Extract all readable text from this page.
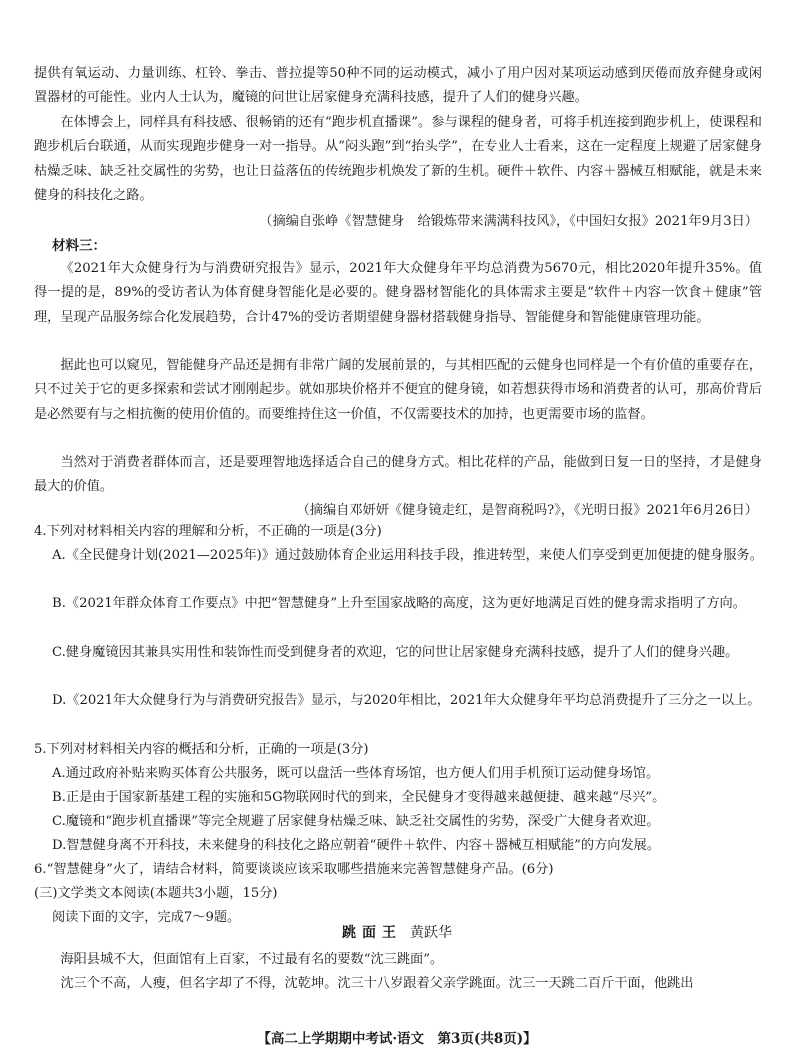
提供有氧运动、力量训练、杠铃、拳击、普拉提等50种不同的运动模式，减小了用户因对某项运动感到厌倦而放弃健身或闲置器材的可能性。业内人士认为，魔镜的问世让居家健身充满科技感，提升了人们的健身兴趣。

在体博会上，同样具有科技感、很畅销的还有“跑步机直播课”。参与课程的健身者，可将手机连接到跑步机上，使课程和跑步机后台联通，从而实现跑步健身一对一指导。从“闷头跑”到“抬头学”，在专业人士看来，这在一定程度上规避了居家健身枯燥乏味、缺乏社交属性的劣势，也让日益落伍的传统跑步机焕发了新的生机。硬件＋软件、内容＋器械互相赋能，就是未来健身的科技化之路。

（摘编自张峥《智慧健身　给锻炼带来满满科技风》，《中国妇女报》2021年9月3日）
材料三：

《2021年大众健身行为与消费研究报告》显示，2021年大众健身年平均总消费为5670元，相比2020年提升35%。值得一提的是，89%的受访者认为体育健身智能化是必要的。健身器材智能化的具体需求主要是“软件＋内容一饮食＋健康”管理，呈现产品服务综合化发展趋势，合计47%的受访者期望健身器材搭载健身指导、智能健身和智能健康管理功能。

据此也可以窥见，智能健身产品还是拥有非常广阔的发展前景的，与其相匹配的云健身也同样是一个有价值的重要存在，只不过关于它的更多探索和尝试才刚刚起步。就如那块价格并不便宜的健身镜，如若想获得市场和消费者的认可，那高价背后是必然要有与之相抗衡的使用价值的。而要维持住这一价值，不仅需要技术的加持，也更需要市场的监督。

当然对于消费者群体而言，还是要理智地选择适合自己的健身方式。相比花样的产品，能做到日复一日的坚持，才是健身最大的价值。

（摘编自邓妍妍《健身镜走红，是智商税吗?》，《光明日报》2021年6月26日）
4.下列对材料相关内容的理解和分析，不正确的一项是(3分)
A.《全民健身计划(2021—2025年)》通过鼓励体育企业运用科技手段，推进转型，来使人们享受到更加便捷的健身服务。
B.《2021年群众体育工作要点》中把“智慧健身”上升至国家战略的高度，这为更好地满足百姓的健身需求指明了方向。
C.健身魔镜因其兼具实用性和装饰性而受到健身者的欢迎，它的问世让居家健身充满科技感，提升了人们的健身兴趣。
D.《2021年大众健身行为与消费研究报告》显示，与2020年相比，2021年大众健身年平均总消费提升了三分之一以上。
5.下列对材料相关内容的概括和分析，正确的一项是(3分)
A.通过政府补贴来购买体育公共服务，既可以盘活一些体育场馆，也方便人们用手机预订运动健身场馆。
B.正是由于国家新基建工程的实施和5G物联网时代的到来，全民健身才变得越来越便捷、越来越“尽兴”。
C.魔镜和“跑步机直播课”等完全规避了居家健身枯燥乏味、缺乏社交属性的劣势，深受广大健身者欢迎。
D.智慧健身离不开科技，未来健身的科技化之路应朝着“硬件＋软件、内容＋器械互相赋能”的方向发展。
6.“智慧健身”火了，请结合材料，简要谈谈应该采取哪些措施来完善智慧健身产品。(6分)
(三)文学类文本阅读(本题共3小题，15分)
阅读下面的文字，完成7～9题。
跳面王 黄跃华

海阳县城不大，但面馆有上百家，不过最有名的要数“沈三跳面”。

沈三个不高，人瘦，但名字却了不得，沈乾坤。沈三十八岁跟着父亲学跳面。沈三一天跳二百斤干面，他跳出

【高二上学期期中考试·语文　第3页(共8页)】
